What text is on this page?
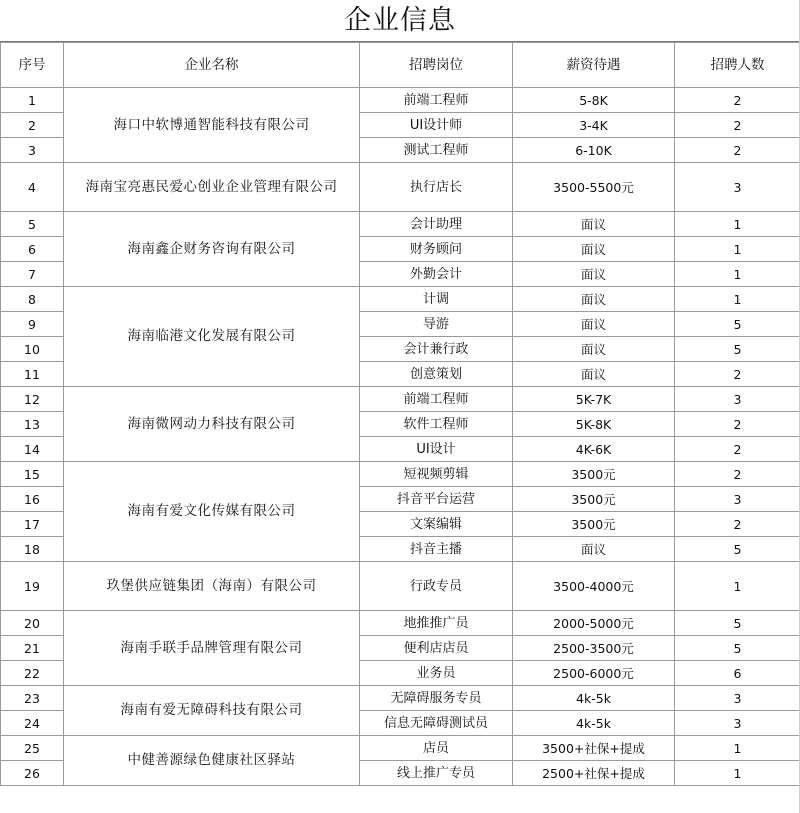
企业信息
序号	企业名称	招聘岗位	薪资待遇	招聘人数
1	海口中软博通智能科技有限公司	前端工程师	5-8K	2
2		UI设计师	3-4K	2
3		测试工程师	6-10K	2
4	海南宝亮惠民爱心创业企业管理有限公司	执行店长	3500-5500元	3
5	海南鑫企财务咨询有限公司	会计助理	面议	1
6		财务顾问	面议	1
7		外勤会计	面议	1
8	海南临港文化发展有限公司	计调	面议	1
9		导游	面议	5
10		会计兼行政	面议	5
11		创意策划	面议	2
12	海南微网动力科技有限公司	前端工程师	5K-7K	3
13		软件工程师	5K-8K	2
14		UI设计	4K-6K	2
15	海南有爱文化传媒有限公司	短视频剪辑	3500元	2
16		抖音平台运营	3500元	3
17		文案编辑	3500元	2
18		抖音主播	面议	5
19	玖堡供应链集团（海南）有限公司	行政专员	3500-4000元	1
20	海南手联手品牌管理有限公司	地推推广员	2000-5000元	5
21		便利店店员	2500-3500元	5
22		业务员	2500-6000元	6
23	海南有爱无障碍科技有限公司	无障碍服务专员	4k-5k	3
24		信息无障碍测试员	4k-5k	3
25	中健善源绿色健康社区驿站	店员	3500+社保+提成	1
26		线上推广专员	2500+社保+提成	1
